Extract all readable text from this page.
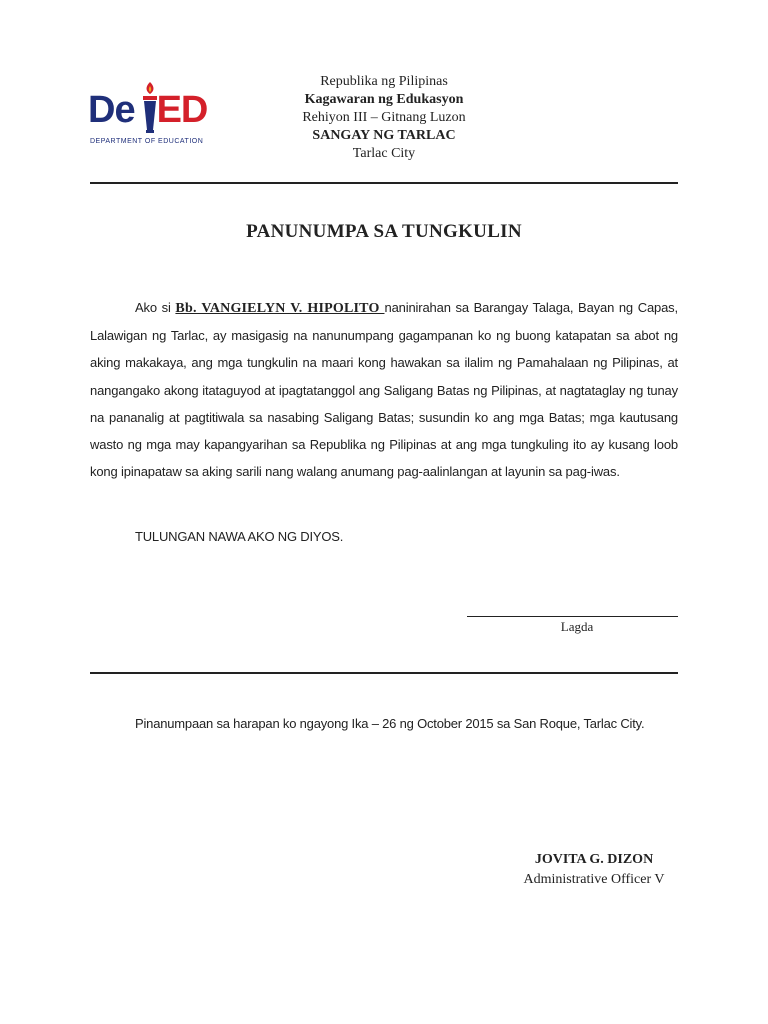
De ED
DEPARTMENT OF EDUCATION
Republika ng Pilipinas
Kagawaran ng Edukasyon
Rehiyon III – Gitnang Luzon
SANGAY NG TARLAC
Tarlac City
PANUNUMPA SA TUNGKULIN
Ako si Bb. VANGIELYN V. HIPOLITO naninirahan sa Barangay Talaga, Bayan ng Capas, Lalawigan ng Tarlac, ay masigasig na nanunumpang gagampanan ko ng buong katapatan sa abot ng aking makakaya, ang mga tungkulin na maari kong hawakan sa ilalim ng Pamahalaan ng Pilipinas, at nangangako akong itataguyod at ipagtatanggol ang Saligang Batas ng Pilipinas, at nagtataglay ng tunay na pananalig at pagtitiwala sa nasabing Saligang Batas; susundin ko ang mga Batas; mga kautusang wasto ng mga may kapangyarihan sa Republika ng Pilipinas at ang mga tungkuling ito ay kusang loob kong ipinapataw sa aking sarili nang walang anumang pag-aalinlangan at layunin sa pag-iwas.
TULUNGAN NAWA AKO NG DIYOS.
Lagda
Pinanumpaan sa harapan ko ngayong Ika – 26 ng October 2015 sa San Roque, Tarlac City.
JOVITA G. DIZON
Administrative Officer V
